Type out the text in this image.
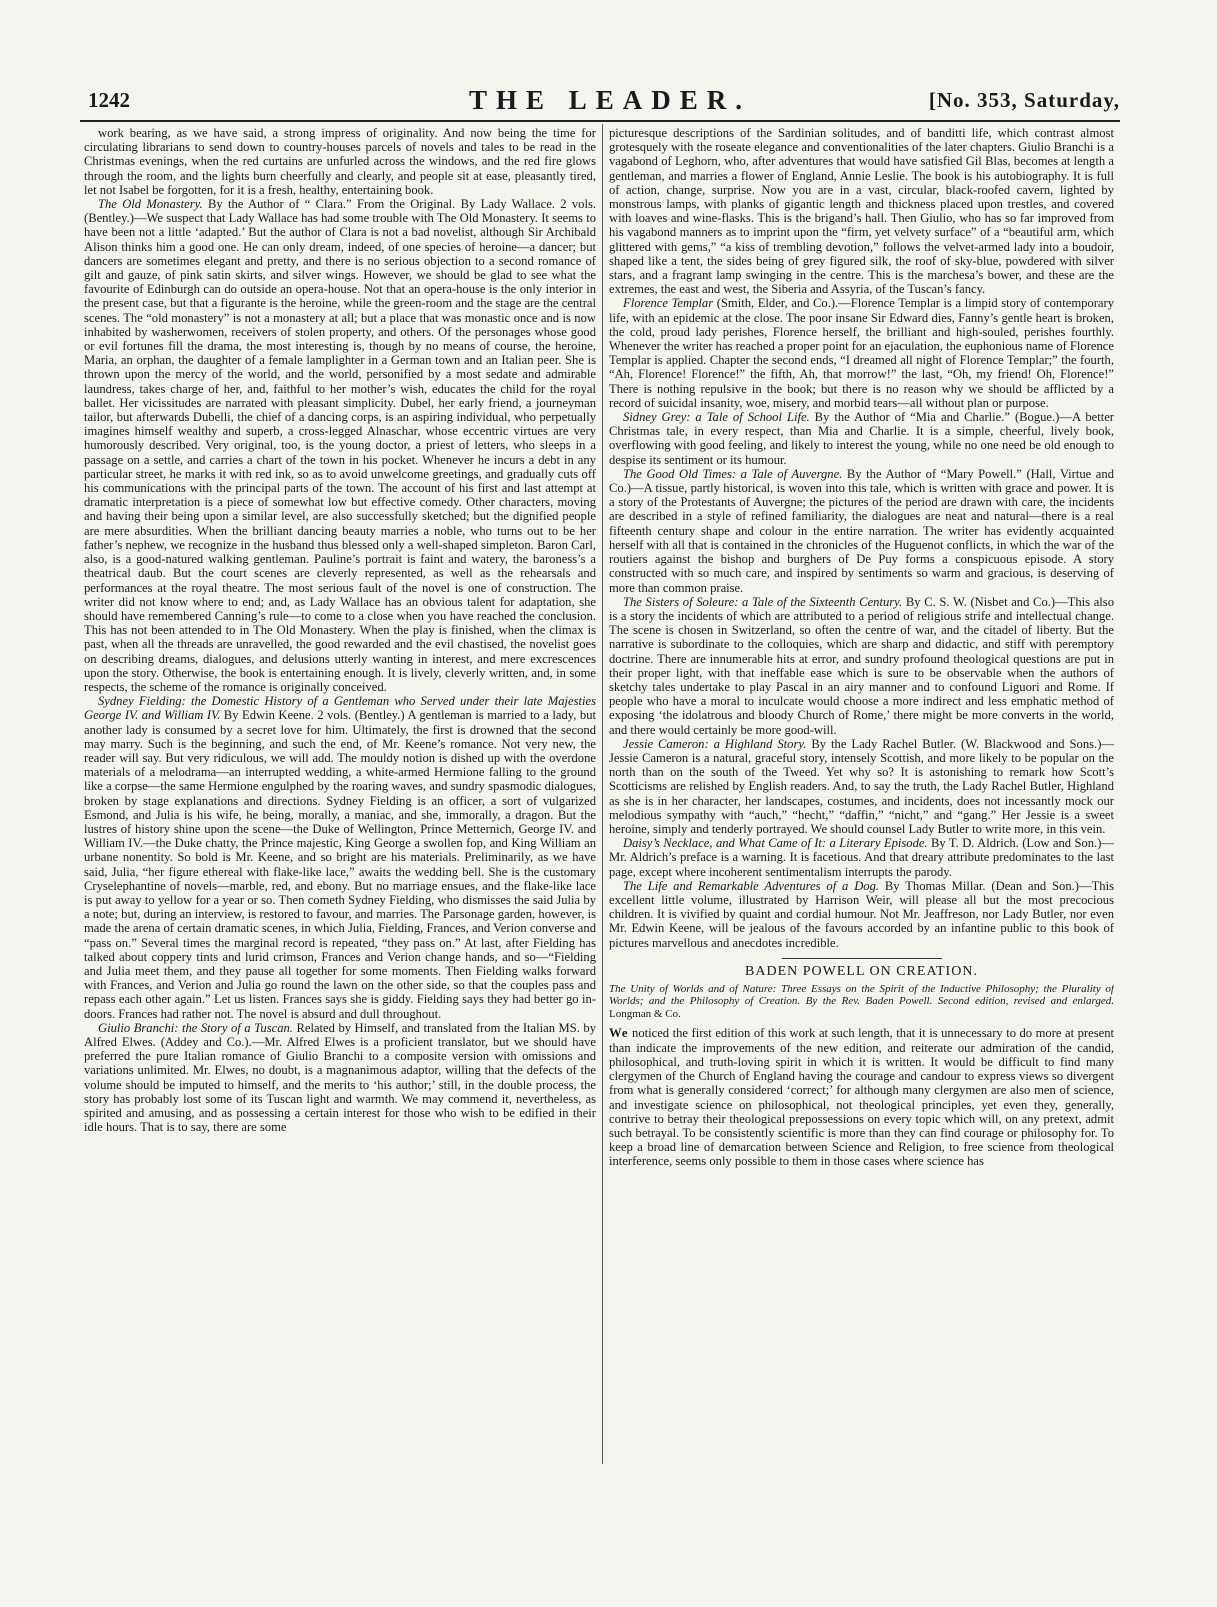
1242	THE LEADER.	[No. 353, Saturday,

work bearing, as we have said, a strong impress of originality. And now being the time for circulating librarians to send down to country-houses parcels of novels and tales to be read in the Christmas evenings, when the red curtains are unfurled across the windows, and the red fire glows through the room, and the lights burn cheerfully and clearly, and people sit at ease, pleasantly tired, let not Isabel be forgotten, for it is a fresh, healthy, entertaining book.

The Old Monastery. By the Author of “ Clara.” From the Original. By Lady Wallace. 2 vols. (Bentley.)—We suspect that Lady Wallace has had some trouble with The Old Monastery. It seems to have been not a little ‘adapted.’ But the author of Clara is not a bad novelist, although Sir Archibald Alison thinks him a good one. He can only dream, indeed, of one species of heroine—a dancer; but dancers are sometimes elegant and pretty, and there is no serious objection to a second romance of gilt and gauze, of pink satin skirts, and silver wings. However, we should be glad to see what the favourite of Edinburgh can do outside an opera-house. Not that an opera-house is the only interior in the present case, but that a figurante is the heroine, while the green-room and the stage are the central scenes. The “old monastery” is not a monastery at all; but a place that was monastic once and is now inhabited by washerwomen, receivers of stolen property, and others. Of the personages whose good or evil fortunes fill the drama, the most interesting is, though by no means of course, the heroine, Maria, an orphan, the daughter of a female lamplighter in a German town and an Italian peer. She is thrown upon the mercy of the world, and the world, personified by a most sedate and admirable laundress, takes charge of her, and, faithful to her mother’s wish, educates the child for the royal ballet. Her vicissitudes are narrated with pleasant simplicity. Dubel, her early friend, a journeyman tailor, but afterwards Dubelli, the chief of a dancing corps, is an aspiring individual, who perpetually imagines himself wealthy and superb, a cross-legged Alnaschar, whose eccentric virtues are very humorously described. Very original, too, is the young doctor, a priest of letters, who sleeps in a passage on a settle, and carries a chart of the town in his pocket. Whenever he incurs a debt in any particular street, he marks it with red ink, so as to avoid unwelcome greetings, and gradually cuts off his communications with the principal parts of the town. The account of his first and last attempt at dramatic interpretation is a piece of somewhat low but effective comedy. Other characters, moving and having their being upon a similar level, are also successfully sketched; but the dignified people are mere absurdities. When the brilliant dancing beauty marries a noble, who turns out to be her father’s nephew, we recognize in the husband thus blessed only a well-shaped simpleton. Baron Carl, also, is a good-natured walking gentleman. Pauline’s portrait is faint and watery, the baroness’s a theatrical daub. But the court scenes are cleverly represented, as well as the rehearsals and performances at the royal theatre. The most serious fault of the novel is one of construction. The writer did not know where to end; and, as Lady Wallace has an obvious talent for adaptation, she should have remembered Canning’s rule—to come to a close when you have reached the conclusion. This has not been attended to in The Old Monastery. When the play is finished, when the climax is past, when all the threads are unravelled, the good rewarded and the evil chastised, the novelist goes on describing dreams, dialogues, and delusions utterly wanting in interest, and mere excrescences upon the story. Otherwise, the book is entertaining enough. It is lively, cleverly written, and, in some respects, the scheme of the romance is originally conceived.

Sydney Fielding: the Domestic History of a Gentleman who Served under their late Majesties George IV. and William IV. By Edwin Keene. 2 vols. (Bentley.) A gentleman is married to a lady, but another lady is consumed by a secret love for him. Ultimately, the first is drowned that the second may marry. Such is the beginning, and such the end, of Mr. Keene’s romance. Not very new, the reader will say. But very ridiculous, we will add. The mouldy notion is dished up with the overdone materials of a melodrama—an interrupted wedding, a white-armed Hermione falling to the ground like a corpse—the same Hermione engulphed by the roaring waves, and sundry spasmodic dialogues, broken by stage explanations and directions. Sydney Fielding is an officer, a sort of vulgarized Esmond, and Julia is his wife, he being, morally, a maniac, and she, immorally, a dragon. But the lustres of history shine upon the scene—the Duke of Wellington, Prince Metternich, George IV. and William IV.—the Duke chatty, the Prince majestic, King George a swollen fop, and King William an urbane nonentity. So bold is Mr. Keene, and so bright are his materials. Preliminarily, as we have said, Julia, “her figure ethereal with flake-like lace,” awaits the wedding bell. She is the customary Cryselephantine of novels—marble, red, and ebony. But no marriage ensues, and the flake-like lace is put away to yellow for a year or so. Then cometh Sydney Fielding, who dismisses the said Julia by a note; but, during an interview, is restored to favour, and marries. The Parsonage garden, however, is made the arena of certain dramatic scenes, in which Julia, Fielding, Frances, and Verion converse and “pass on.” Several times the marginal record is repeated, “they pass on.” At last, after Fielding has talked about coppery tints and lurid crimson, Frances and Verion change hands, and so—“Fielding and Julia meet them, and they pause all together for some moments. Then Fielding walks forward with Frances, and Verion and Julia go round the lawn on the other side, so that the couples pass and repass each other again.” Let us listen. Frances says she is giddy. Fielding says they had better go in-doors. Frances had rather not. The novel is absurd and dull throughout.

Giulio Branchi: the Story of a Tuscan. Related by Himself, and translated from the Italian MS. by Alfred Elwes. (Addey and Co.).—Mr. Alfred Elwes is a proficient translator, but we should have preferred the pure Italian romance of Giulio Branchi to a composite version with omissions and variations unlimited. Mr. Elwes, no doubt, is a magnanimous adaptor, willing that the defects of the volume should be imputed to himself, and the merits to ‘his author;’ still, in the double process, the story has probably lost some of its Tuscan light and warmth. We may commend it, nevertheless, as spirited and amusing, and as possessing a certain interest for those who wish to be edified in their idle hours. That is to say, there are some

picturesque descriptions of the Sardinian solitudes, and of banditti life, which contrast almost grotesquely with the roseate elegance and conventionalities of the later chapters. Giulio Branchi is a vagabond of Leghorn, who, after adventures that would have satisfied Gil Blas, becomes at length a gentleman, and marries a flower of England, Annie Leslie. The book is his autobiography. It is full of action, change, surprise. Now you are in a vast, circular, black-roofed cavern, lighted by monstrous lamps, with planks of gigantic length and thickness placed upon trestles, and covered with loaves and wine-flasks. This is the brigand’s hall. Then Giulio, who has so far improved from his vagabond manners as to imprint upon the “firm, yet velvety surface” of a “beautiful arm, which glittered with gems,” “a kiss of trembling devotion,” follows the velvet-armed lady into a boudoir, shaped like a tent, the sides being of grey figured silk, the roof of sky-blue, powdered with silver stars, and a fragrant lamp swinging in the centre. This is the marchesa’s bower, and these are the extremes, the east and west, the Siberia and Assyria, of the Tuscan’s fancy.

Florence Templar (Smith, Elder, and Co.).—Florence Templar is a limpid story of contemporary life, with an epidemic at the close. The poor insane Sir Edward dies, Fanny’s gentle heart is broken, the cold, proud lady perishes, Florence herself, the brilliant and high-souled, perishes fourthly. Whenever the writer has reached a proper point for an ejaculation, the euphonious name of Florence Templar is applied. Chapter the second ends, “I dreamed all night of Florence Templar;” the fourth, “Ah, Florence! Florence!” the fifth, Ah, that morrow!” the last, “Oh, my friend! Oh, Florence!” There is nothing repulsive in the book; but there is no reason why we should be afflicted by a record of suicidal insanity, woe, misery, and morbid tears—all without plan or purpose.

Sidney Grey: a Tale of School Life. By the Author of “Mia and Charlie.” (Bogue.)—A better Christmas tale, in every respect, than Mia and Charlie. It is a simple, cheerful, lively book, overflowing with good feeling, and likely to interest the young, while no one need be old enough to despise its sentiment or its humour.

The Good Old Times: a Tale of Auvergne. By the Author of “Mary Powell.” (Hall, Virtue and Co.)—A tissue, partly historical, is woven into this tale, which is written with grace and power. It is a story of the Protestants of Auvergne; the pictures of the period are drawn with care, the incidents are described in a style of refined familiarity, the dialogues are neat and natural—there is a real fifteenth century shape and colour in the entire narration. The writer has evidently acquainted herself with all that is contained in the chronicles of the Huguenot conflicts, in which the war of the routiers against the bishop and burghers of De Puy forms a conspicuous episode. A story constructed with so much care, and inspired by sentiments so warm and gracious, is deserving of more than common praise.

The Sisters of Soleure: a Tale of the Sixteenth Century. By C. S. W. (Nisbet and Co.)—This also is a story the incidents of which are attributed to a period of religious strife and intellectual change. The scene is chosen in Switzerland, so often the centre of war, and the citadel of liberty. But the narrative is subordinate to the colloquies, which are sharp and didactic, and stiff with peremptory doctrine. There are innumerable hits at error, and sundry profound theological questions are put in their proper light, with that ineffable ease which is sure to be observable when the authors of sketchy tales undertake to play Pascal in an airy manner and to confound Liguori and Rome. If people who have a moral to inculcate would choose a more indirect and less emphatic method of exposing ‘the idolatrous and bloody Church of Rome,’ there might be more converts in the world, and there would certainly be more good-will.

Jessie Cameron: a Highland Story. By the Lady Rachel Butler. (W. Blackwood and Sons.)—Jessie Cameron is a natural, graceful story, intensely Scottish, and more likely to be popular on the north than on the south of the Tweed. Yet why so? It is astonishing to remark how Scott’s Scotticisms are relished by English readers. And, to say the truth, the Lady Rachel Butler, Highland as she is in her character, her landscapes, costumes, and incidents, does not incessantly mock our melodious sympathy with “auch,” “hecht,” “daffin,” “nicht,” and “gang.” Her Jessie is a sweet heroine, simply and tenderly portrayed. We should counsel Lady Butler to write more, in this vein.

Daisy’s Necklace, and What Came of It: a Literary Episode. By T. D. Aldrich. (Low and Son.)—Mr. Aldrich’s preface is a warning. It is facetious. And that dreary attribute predominates to the last page, except where incoherent sentimentalism interrupts the parody.

The Life and Remarkable Adventures of a Dog. By Thomas Millar. (Dean and Son.)—This excellent little volume, illustrated by Harrison Weir, will please all but the most precocious children. It is vivified by quaint and cordial humour. Not Mr. Jeaffreson, nor Lady Butler, nor even Mr. Edwin Keene, will be jealous of the favours accorded by an infantine public to this book of pictures marvellous and anecdotes incredible.

BADEN POWELL ON CREATION.

The Unity of Worlds and of Nature: Three Essays on the Spirit of the Inductive Philosophy; the Plurality of Worlds; and the Philosophy of Creation. By the Rev. Baden Powell. Second edition, revised and enlarged. Longman & Co.

We noticed the first edition of this work at such length, that it is unnecessary to do more at present than indicate the improvements of the new edition, and reiterate our admiration of the candid, philosophical, and truth-loving spirit in which it is written. It would be difficult to find many clergymen of the Church of England having the courage and candour to express views so divergent from what is generally considered ‘correct;’ for although many clergymen are also men of science, and investigate science on philosophical, not theological principles, yet even they, generally, contrive to betray their theological prepossessions on every topic which will, on any pretext, admit such betrayal. To be consistently scientific is more than they can find courage or philosophy for. To keep a broad line of demarcation between Science and Religion, to free science from theological interference, seems only possible to them in those cases where science has
